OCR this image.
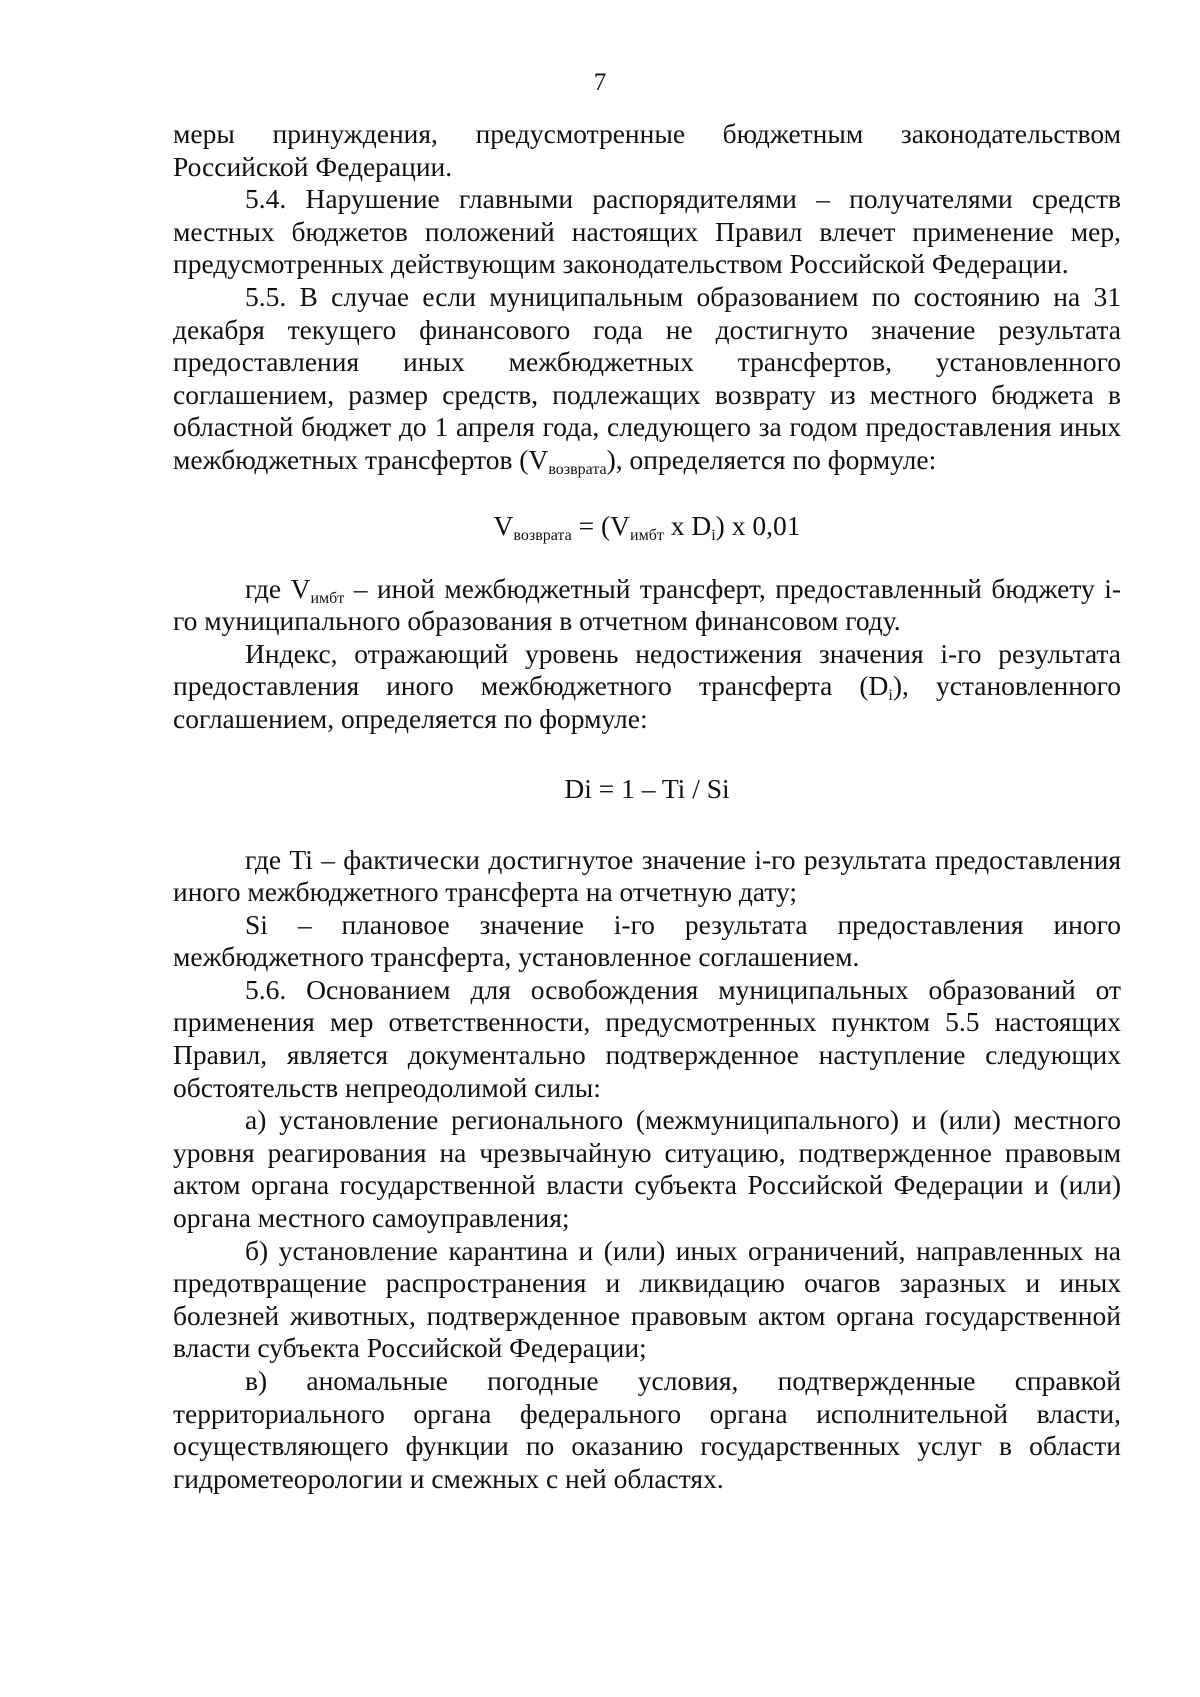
7

меры принуждения, предусмотренные бюджетным законодательством Российской Федерации.

5.4. Нарушение главными распорядителями – получателями средств местных бюджетов положений настоящих Правил влечет применение мер, предусмотренных действующим законодательством Российской Федерации.

5.5. В случае если муниципальным образованием по состоянию на 31 декабря текущего финансового года не достигнуто значение результата предоставления иных межбюджетных трансфертов, установленного соглашением, размер средств, подлежащих возврату из местного бюджета в областной бюджет до 1 апреля года, следующего за годом предоставления иных межбюджетных трансфертов $(V_{возврата})$, определяется по формуле:

$V_{возврата} = (V_{имбт}$ x $D_i$) x 0,01

где $V_{имбт}$ – иной межбюджетный трансферт, предоставленный бюджету i-го муниципального образования в отчетном финансовом году.

Индекс, отражающий уровень недостижения значения i-го результата предоставления иного межбюджетного трансферта $(D_i)$, установленного соглашением, определяется по формуле:

Di = 1 – Ti / Si

где Ti – фактически достигнутое значение i-го результата предоставления иного межбюджетного трансферта на отчетную дату;

Si – плановое значение i-го результата предоставления иного межбюджетного трансферта, установленное соглашением.

5.6. Основанием для освобождения муниципальных образований от применения мер ответственности, предусмотренных пунктом 5.5 настоящих Правил, является документально подтвержденное наступление следующих обстоятельств непреодолимой силы:

а) установление регионального (межмуниципального) и (или) местного уровня реагирования на чрезвычайную ситуацию, подтвержденное правовым актом органа государственной власти субъекта Российской Федерации и (или) органа местного самоуправления;

б) установление карантина и (или) иных ограничений, направленных на предотвращение распространения и ликвидацию очагов заразных и иных болезней животных, подтвержденное правовым актом органа государственной власти субъекта Российской Федерации;

в) аномальные погодные условия, подтвержденные справкой территориального органа федерального органа исполнительной власти, осуществляющего функции по оказанию государственных услуг в области гидрометеорологии и смежных с ней областях.
